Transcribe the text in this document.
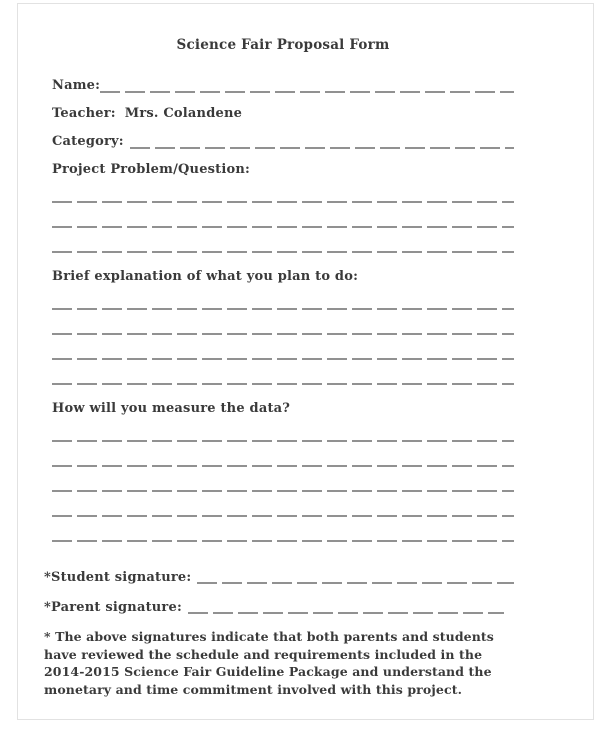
Science Fair Proposal Form
Name:
Teacher: Mrs. Colandene
Category:
Project Problem/Question:
Brief explanation of what you plan to do:
How will you measure the data?
*Student signature:
*Parent signature:

* The above signatures indicate that both parents and students have reviewed the schedule and requirements included in the 2014-2015 Science Fair Guideline Package and understand the monetary and time commitment involved with this project.
